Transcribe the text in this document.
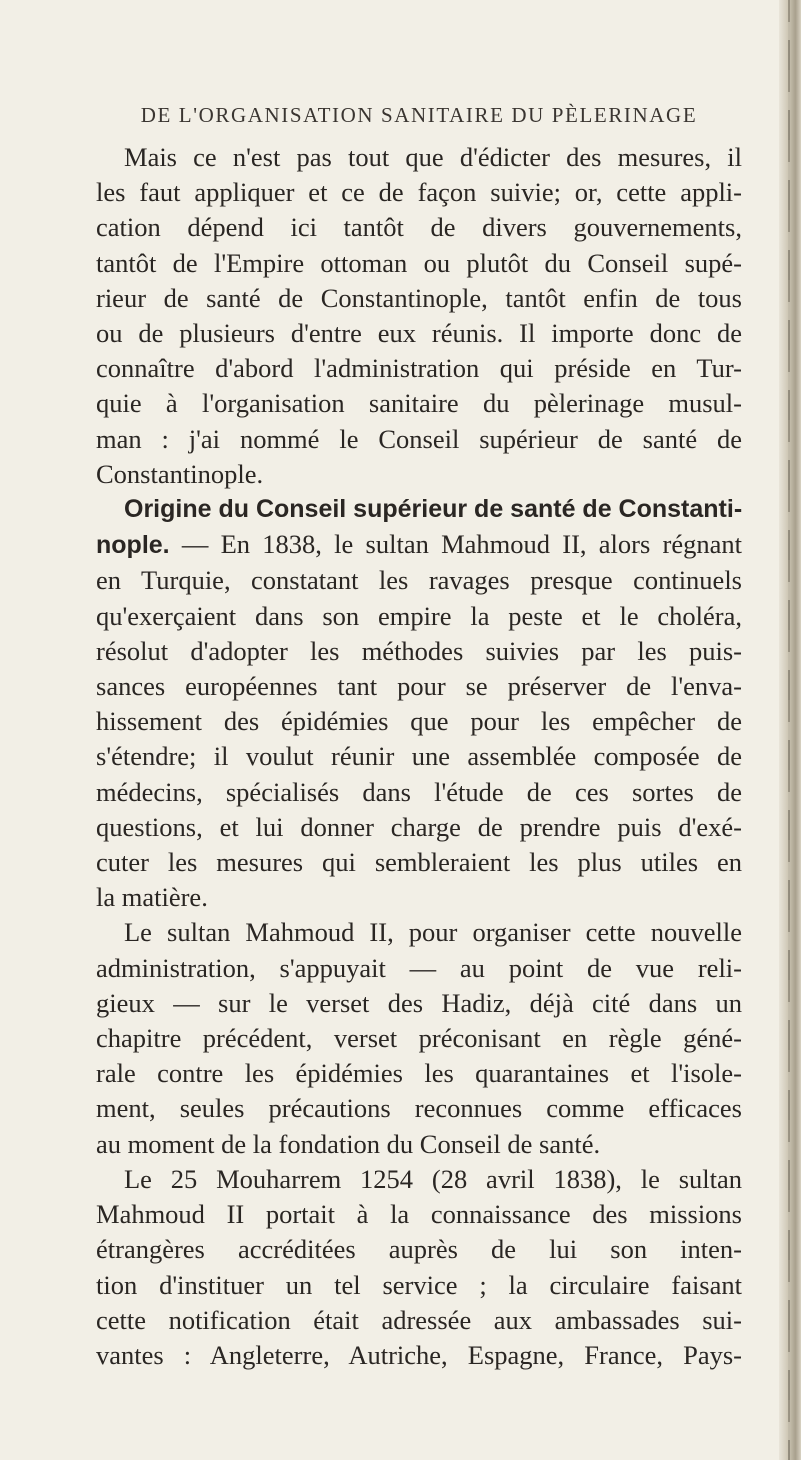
DE L'ORGANISATION SANITAIRE DU PÈLERINAGE
Mais ce n'est pas tout que d'édicter des mesures, il
les faut appliquer et ce de façon suivie; or, cette appli-
cation dépend ici tantôt de divers gouvernements,
tantôt de l'Empire ottoman ou plutôt du Conseil supé-
rieur de santé de Constantinople, tantôt enfin de tous
ou de plusieurs d'entre eux réunis. Il importe donc de
connaître d'abord l'administration qui préside en Tur-
quie à l'organisation sanitaire du pèlerinage musul-
man : j'ai nommé le Conseil supérieur de santé de
Constantinople.
Origine du Conseil supérieur de santé de Constanti-
nople. — En 1838, le sultan Mahmoud II, alors régnant
en Turquie, constatant les ravages presque continuels
qu'exerçaient dans son empire la peste et le choléra,
résolut d'adopter les méthodes suivies par les puis-
sances européennes tant pour se préserver de l'enva-
hissement des épidémies que pour les empêcher de
s'étendre; il voulut réunir une assemblée composée de
médecins, spécialisés dans l'étude de ces sortes de
questions, et lui donner charge de prendre puis d'exé-
cuter les mesures qui sembleraient les plus utiles en
la matière.
Le sultan Mahmoud II, pour organiser cette nouvelle
administration, s'appuyait — au point de vue reli-
gieux — sur le verset des Hadiz, déjà cité dans un
chapitre précédent, verset préconisant en règle géné-
rale contre les épidémies les quarantaines et l'isole-
ment, seules précautions reconnues comme efficaces
au moment de la fondation du Conseil de santé.
Le 25 Mouharrem 1254 (28 avril 1838), le sultan
Mahmoud II portait à la connaissance des missions
étrangères accréditées auprès de lui son inten-
tion d'instituer un tel service ; la circulaire faisant
cette notification était adressée aux ambassades sui-
vantes : Angleterre, Autriche, Espagne, France, Pays-
